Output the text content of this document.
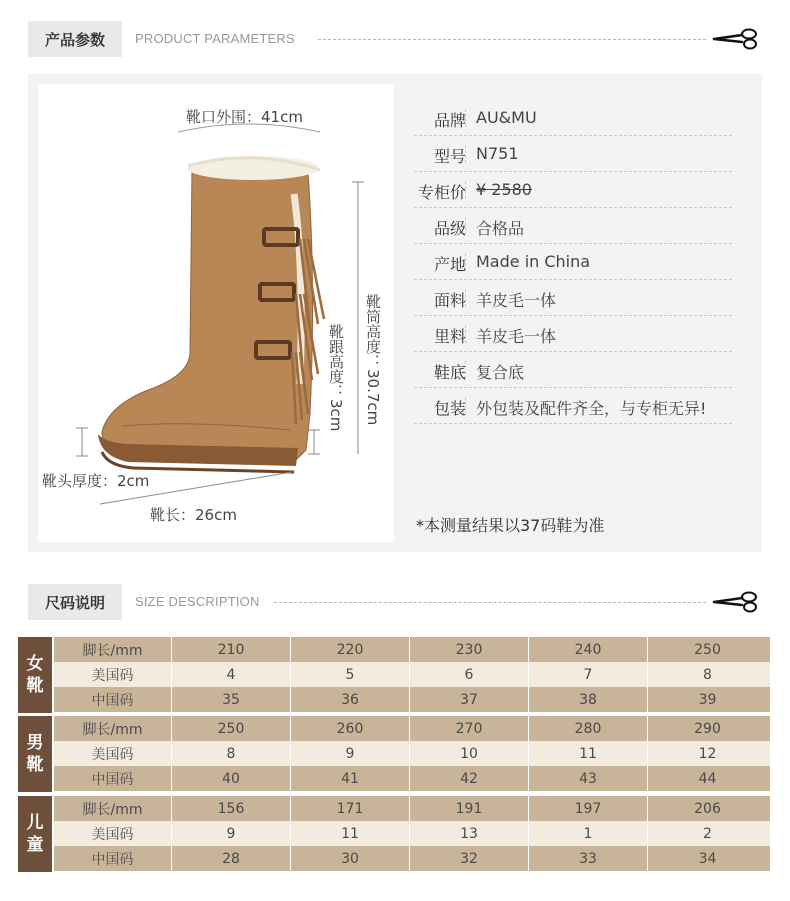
产品参数	PRODUCT PARAMETERS
靴口外围：41cm
靴筒高度：30.7cm
靴跟高度：3cm
靴头厚度：2cm
靴长：26cm
品牌 AU&MU
型号 N751
专柜价 ¥ 2580
品级 合格品
产地 Made in China
面料 羊皮毛一体
里料 羊皮毛一体
鞋底 复合底
包装 外包装及配件齐全，与专柜无异!
*本测量结果以37码鞋为准
尺码说明	SIZE DESCRIPTION
女
靴
脚长/mm	210	220	230	240	250
美国码	4	5	6	7	8
中国码	35	36	37	38	39
男
靴
脚长/mm	250	260	270	280	290
美国码	8	9	10	11	12
中国码	40	41	42	43	44
儿
童
脚长/mm	156	171	191	197	206
美国码	9	11	13	1	2
中国码	28	30	32	33	34
